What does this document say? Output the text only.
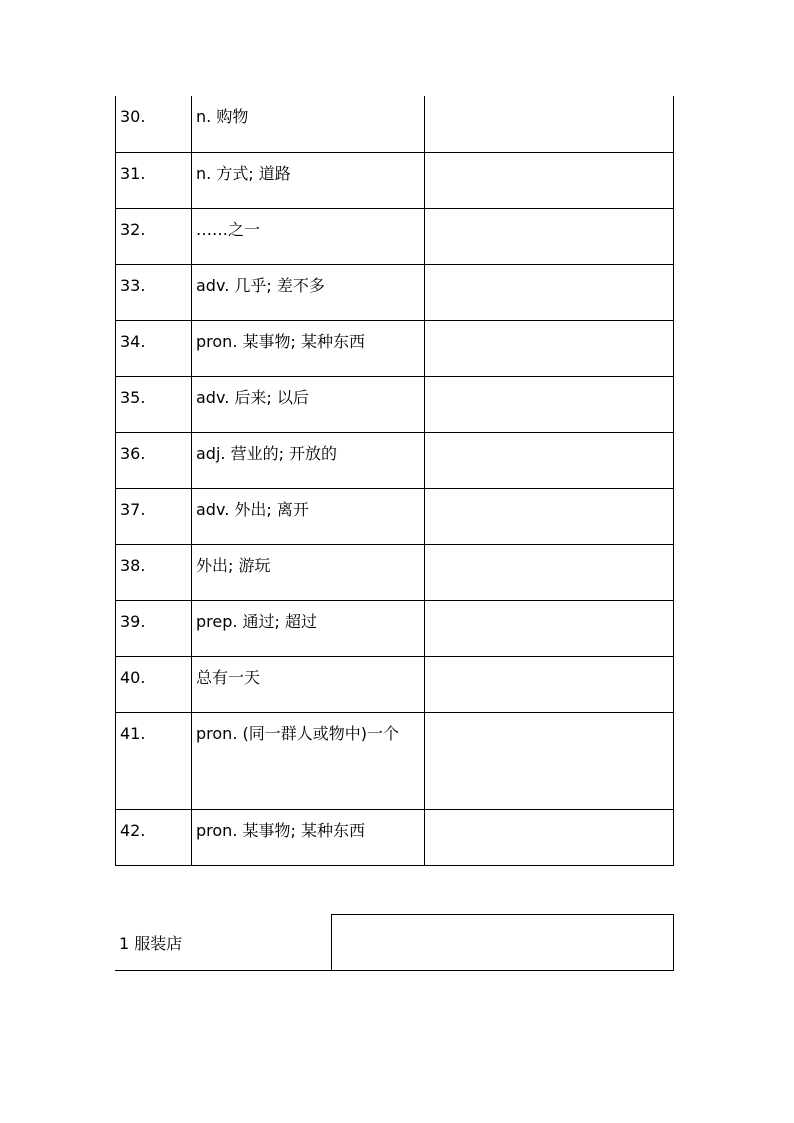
30.	n. 购物	

31.	n. 方式; 道路	

32.	……之一	

33.	adv. 几乎; 差不多	

34.	pron. 某事物; 某种东西	

35.	adv. 后来; 以后	

36.	adj. 营业的; 开放的	

37.	adv. 外出; 离开	

38.	外出; 游玩	

39.	prep. 通过; 超过	

40.	总有一天	

41.	pron. (同一群人或物中)一个	

42.	pron. 某事物; 某种东西	

1 服装店
